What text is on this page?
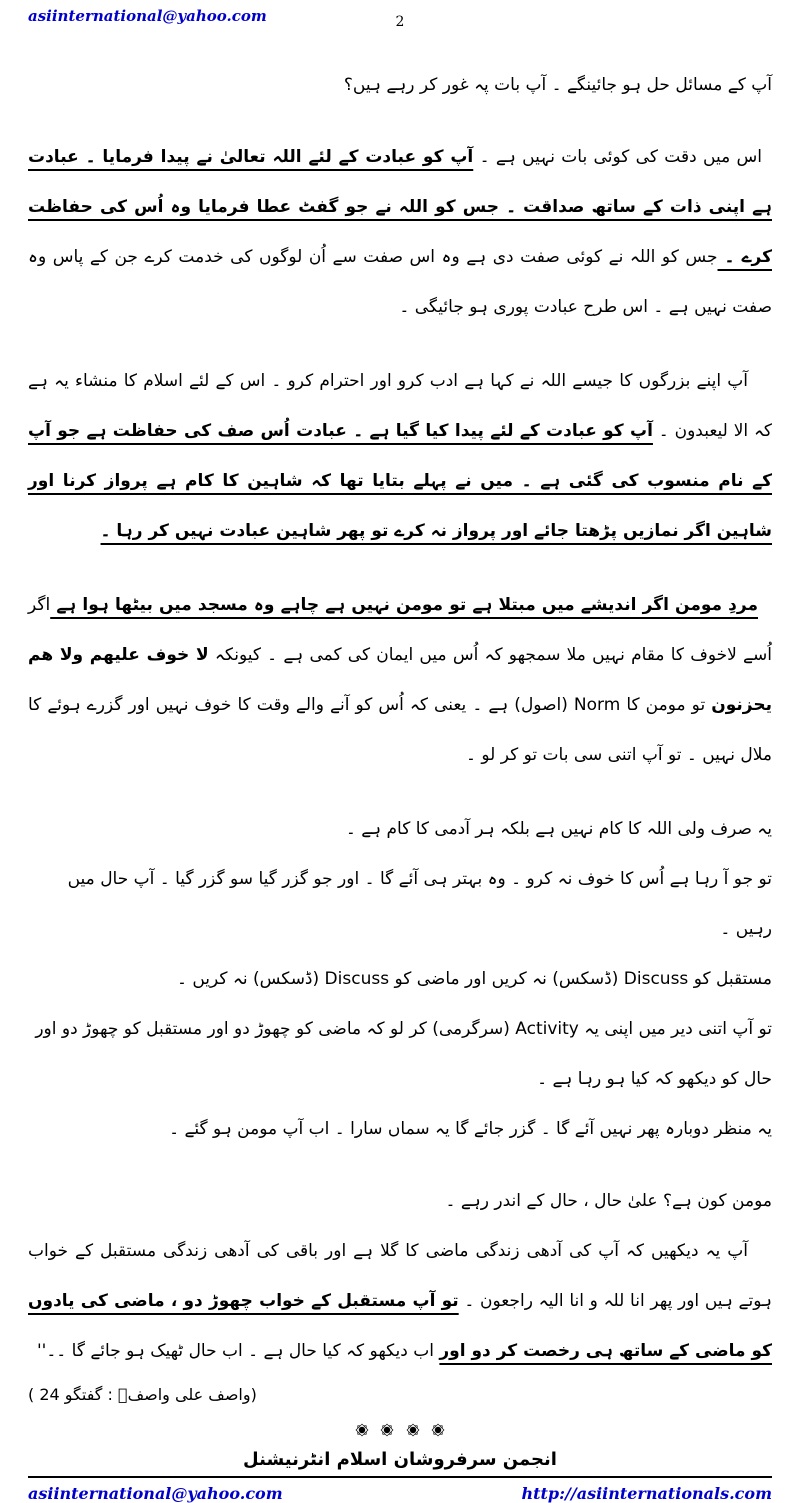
asiinternational@yahoo.com	2

آپ کے مسائل حل ہو جائینگے ۔ آپ بات پہ غور کر رہے ہیں؟

اس میں دقت کی کوئی بات نہیں ہے ۔ آپ کو عبادت کے لئے اللہ تعالیٰ نے پیدا فرمایا ۔ عبادت ہے اپنی ذات کے ساتھ صداقت ۔ جس کو اللہ نے جو گفٹ عطا فرمایا وہ اُس کی حفاظت کرے ۔ جس کو اللہ نے کوئی صفت دی ہے وہ اس صفت سے اُن لوگوں کی خدمت کرے جن کے پاس وہ صفت نہیں ہے ۔ اس طرح عبادت پوری ہو جائیگی ۔

آپ اپنے بزرگوں کا جیسے اللہ نے کہا ہے ادب کرو اور احترام کرو ۔ اس کے لئے اسلام کا منشاء یہ ہے کہ الا لیعبدون ۔ آپ کو عبادت کے لئے پیدا کیا گیا ہے ۔ عبادت اُس صف کی حفاظت ہے جو آپ کے نام منسوب کی گئی ہے ۔ میں نے پہلے بتایا تھا کہ شاہین کا کام ہے پرواز کرنا اور شاہین اگر نمازیں پڑھتا جائے اور پرواز نہ کرے تو پھر شاہین عبادت نہیں کر رہا ۔

مردِ مومن اگر اندیشے میں مبتلا ہے تو مومن نہیں ہے چاہے وہ مسجد میں بیٹھا ہوا ہے اگر اُسے لاخوف کا مقام نہیں ملا سمجھو کہ اُس میں ایمان کی کمی ہے ۔ کیونکہ لا خوف علیھم ولا ھم یحزنون تو مومن کا Norm (اصول) ہے ۔ یعنی کہ اُس کو آنے والے وقت کا خوف نہیں اور گزرے ہوئے کا ملال نہیں ۔ تو آپ اتنی سی بات تو کر لو ۔

یہ صرف ولی اللہ کا کام نہیں ہے بلکہ ہر آدمی کا کام ہے ۔

تو جو آ رہا ہے اُس کا خوف نہ کرو ۔ وہ بہتر ہی آئے گا ۔ اور جو گزر گیا سو گزر گیا ۔ آپ حال میں رہیں ۔

مستقبل کو Discuss (ڈسکس) نہ کریں اور ماضی کو Discuss (ڈسکس) نہ کریں ۔

تو آپ اتنی دیر میں اپنی یہ Activity (سرگرمی) کر لو کہ ماضی کو چھوڑ دو اور مستقبل کو چھوڑ دو اور حال کو دیکھو کہ کیا ہو رہا ہے ۔

یہ منظر دوبارہ پھر نہیں آئے گا ۔ گزر جائے گا یہ سماں سارا ۔ اب آپ مومن ہو گئے ۔

مومن کون ہے؟ علیٰ حال ، حال کے اندر رہے ۔

آپ یہ دیکھیں کہ آپ کی آدھی زندگی ماضی کا گلا ہے اور باقی کی آدھی زندگی مستقبل کے خواب ہوتے ہیں اور پھر انا للہ و انا الیہ راجعون ۔ تو آپ مستقبل کے خواب چھوڑ دو ، ماضی کی یادوں کو ماضی کے ساتھ ہی رخصت کر دو اور اب دیکھو کہ کیا حال ہے ۔ اب حال ٹھیک ہو جائے گا ۔۔''

(واصف علی واصفؒ : گفتگو 24 )

انجمن سرفروشان اسلام انٹرنیشنل
asiinternational@yahoo.com	http://asiinternationals.com
